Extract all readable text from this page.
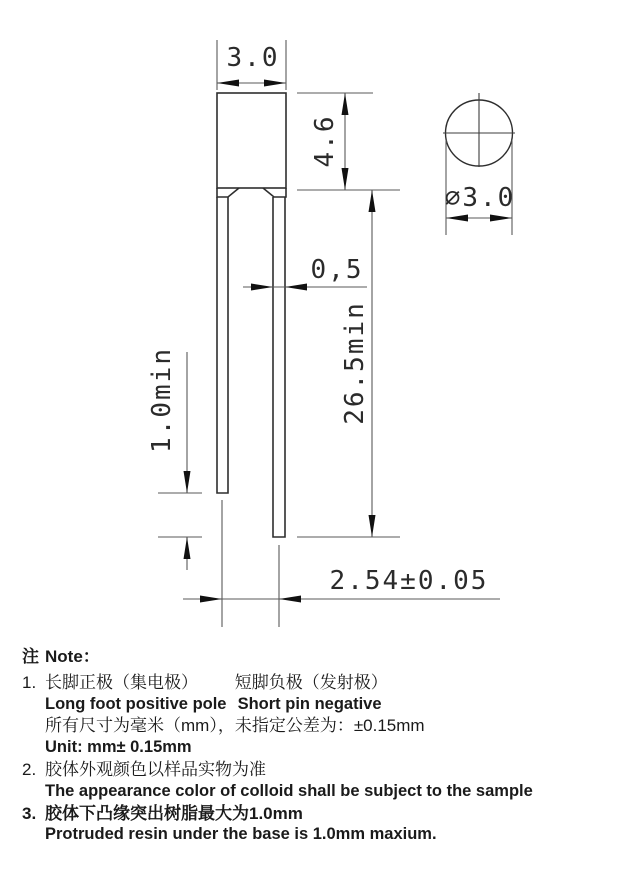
3.0
4.6
0,5
26.5min
1.0min
2.54±0.05
⌀3.0
注 Note：
1. 长脚正极（集电极） 短脚负极（发射极）
Long foot positive pole Short pin negative
所有尺寸为毫米（mm），未指定公差为：±0.15mm
Unit: mm± 0.15mm
2. 胶体外观颜色以样品实物为准
The appearance color of colloid shall be subject to the sample
3. 胶体下凸缘突出树脂最大为1.0mm
Protruded resin under the base is 1.0mm maxium.
